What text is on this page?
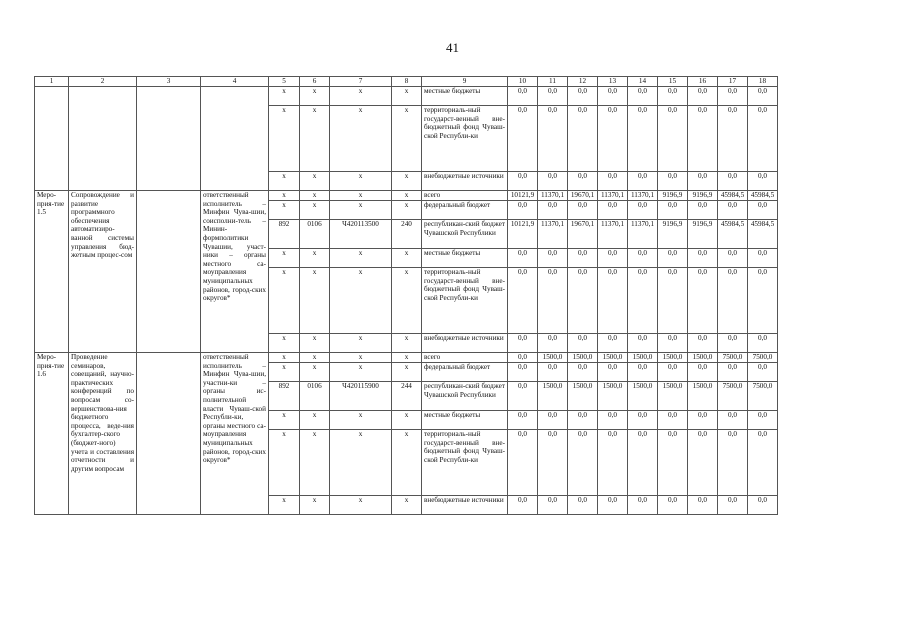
41
1	2	3	4	5	6	7	8	9	10	11	12	13	14	15	16	17	18
				x	x	x	x	местные бюджеты	0,0	0,0	0,0	0,0	0,0	0,0	0,0	0,0	0,0
				x	x	x	x	территориаль-ный государст-венный вне-бюджетный фонд Чуваш-ской Республи-ки	0,0	0,0	0,0	0,0	0,0	0,0	0,0	0,0	0,0
				x	x	x	x	внебюджетные источники	0,0	0,0	0,0	0,0	0,0	0,0	0,0	0,0	0,0
Меро-прия-тие 1.5	Сопровождение и развитие программного обеспечения автоматизиро-ванной системы управления бюд-жетным процес-сом		ответственный исполнитель – Минфин Чува-шии, соисполни-тель – Минин-формполитики Чувашии, участ-ники – органы местного са-моуправления муниципальных районов, город-ских округов*	x	x	x	x	всего	10121,9	11370,1	19670,1	11370,1	11370,1	9196,9	9196,9	45984,5	45984,5
				x	x	x	x	федеральный бюджет	0,0	0,0	0,0	0,0	0,0	0,0	0,0	0,0	0,0
				892	0106	Ч420113500	240	республикан-ский бюджет Чувашской Республики	10121,9	11370,1	19670,1	11370,1	11370,1	9196,9	9196,9	45984,5	45984,5
				x	x	x	x	местные бюджеты	0,0	0,0	0,0	0,0	0,0	0,0	0,0	0,0	0,0
				x	x	x	x	территориаль-ный государст-венный вне-бюджетный фонд Чуваш-ской Республи-ки	0,0	0,0	0,0	0,0	0,0	0,0	0,0	0,0	0,0
				x	x	x	x	внебюджетные источники	0,0	0,0	0,0	0,0	0,0	0,0	0,0	0,0	0,0
Меро-прия-тие 1.6	Проведение семинаров, совещаний, научно-практических конференций по вопросам со-вершенствова-ния бюджетного процесса, веде-ния бухгалтер-ского (бюджет-ного) учета и составления отчетности и другим вопросам		ответственный исполнитель – Минфин Чува-шии, участни-ки – органы ис-полнительной власти Чуваш-ской Республи-ки, органы местного са-моуправления муниципальных районов, город-ских округов*	x	x	x	x	всего	0,0	1500,0	1500,0	1500,0	1500,0	1500,0	1500,0	7500,0	7500,0
				x	x	x	x	федеральный бюджет	0,0	0,0	0,0	0,0	0,0	0,0	0,0	0,0	0,0
				892	0106	Ч420115900	244	республикан-ский бюджет Чувашской Республики	0,0	1500,0	1500,0	1500,0	1500,0	1500,0	1500,0	7500,0	7500,0
				x	x	x	x	местные бюджеты	0,0	0,0	0,0	0,0	0,0	0,0	0,0	0,0	0,0
				x	x	x	x	территориаль-ный государст-венный вне-бюджетный фонд Чуваш-ской Республи-ки	0,0	0,0	0,0	0,0	0,0	0,0	0,0	0,0	0,0
				x	x	x	x	внебюджетные источники	0,0	0,0	0,0	0,0	0,0	0,0	0,0	0,0	0,0
